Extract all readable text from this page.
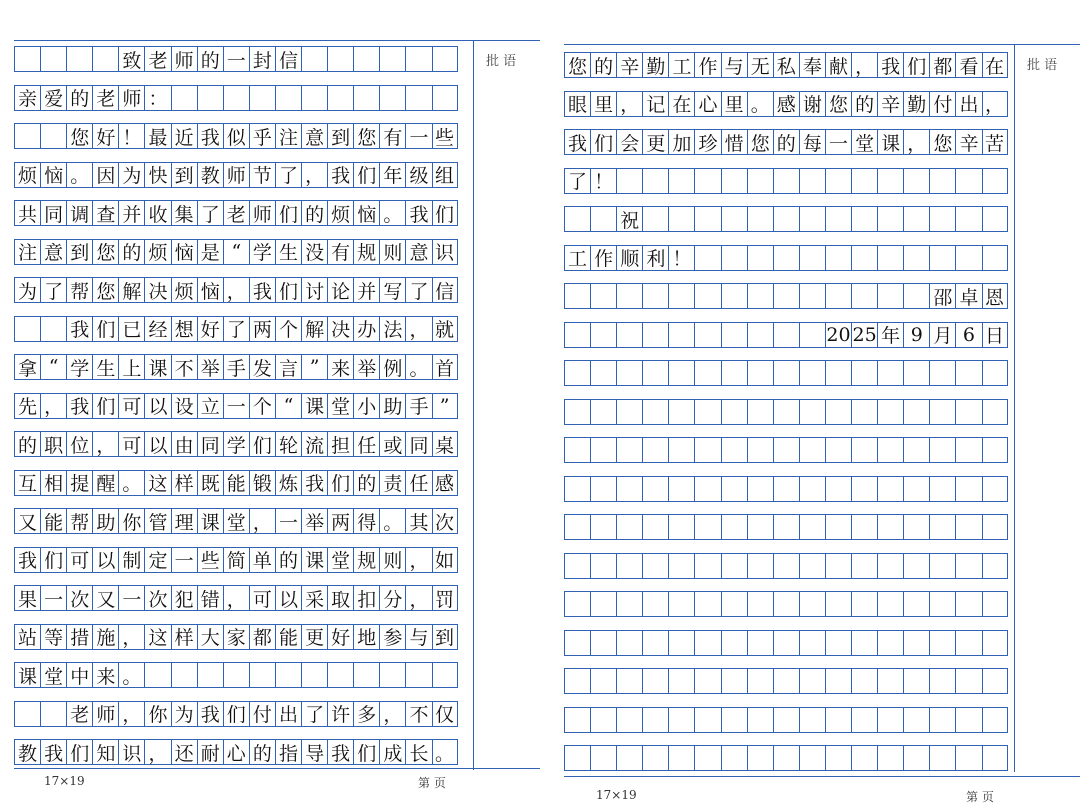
致 老 师 的 一 封 信
亲 爱 的 老 师 ：
您 好 ！ 最 近 我 似 乎 注 意 到 您 有 一 些
烦 恼 。 因 为 快 到 教 师 节 了 ， 我 们 年 级 组
共 同 调 查 并 收 集 了 老 师 们 的 烦 恼 。 我 们
注 意 到 您 的 烦 恼 是 “ 学 生 没 有 规 则 意 识
为 了 帮 您 解 决 烦 恼 ， 我 们 讨 论 并 写 了 信
我 们 已 经 想 好 了 两 个 解 决 办 法 ， 就
拿 “ 学 生 上 课 不 举 手 发 言 ” 来 举 例 。 首
先 ， 我 们 可 以 设 立 一 个 “ 课 堂 小 助 手 ”
的 职 位 ， 可 以 由 同 学 们 轮 流 担 任 或 同 桌
互 相 提 醒 。 这 样 既 能 锻 炼 我 们 的 责 任 感
又 能 帮 助 你 管 理 课 堂 ， 一 举 两 得 。 其 次
我 们 可 以 制 定 一 些 简 单 的 课 堂 规 则 ， 如
果 一 次 又 一 次 犯 错 ， 可 以 采 取 扣 分 ， 罚
站 等 措 施 ， 这 样 大 家 都 能 更 好 地 参 与 到
课 堂 中 来 。
老 师 ， 你 为 我 们 付 出 了 许 多 ， 不 仅
教 我 们 知 识 ， 还 耐 心 的 指 导 我 们 成 长 。
批 语
17×19	第 页
您 的 辛 勤 工 作 与 无 私 奉 献 ， 我 们 都 看 在
眼 里 ， 记 在 心 里 。 感 谢 您 的 辛 勤 付 出 ，
我 们 会 更 加 珍 惜 您 的 每 一 堂 课 ， 您 辛 苦
了 ！
祝
工 作 顺 利 ！
邵 卓 恩
20 25 年 9 月 6 日
批 语
17×19	第 页
